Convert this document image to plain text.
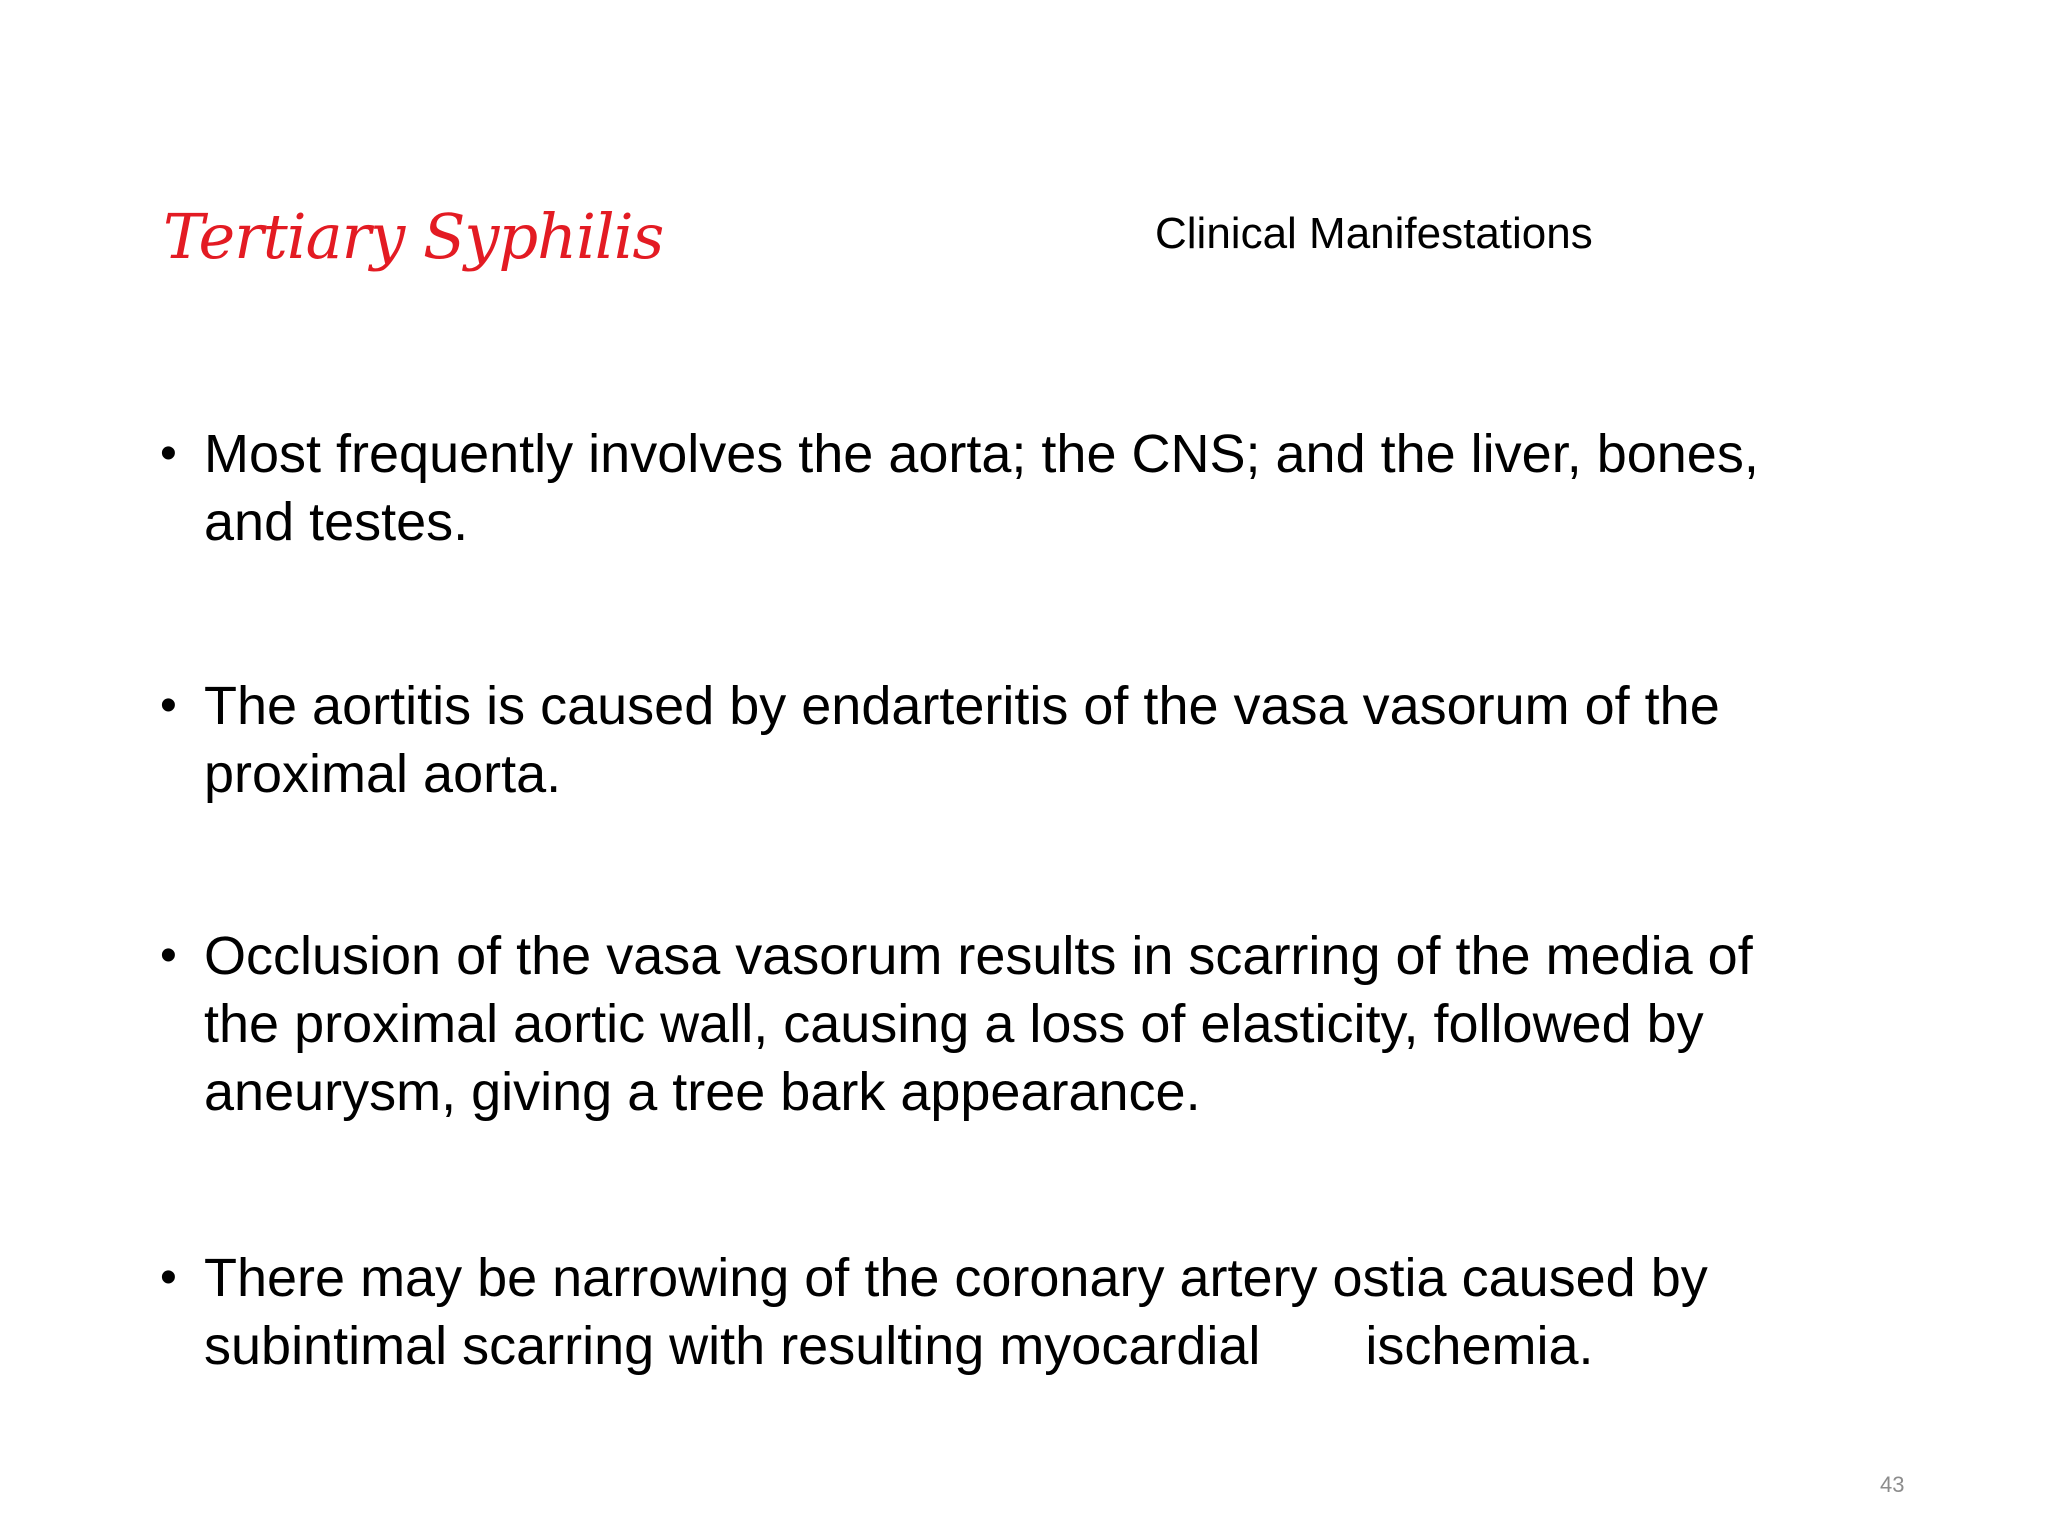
Tertiary Syphilis	Clinical Manifestations
• Most frequently involves the aorta; the CNS; and the liver, bones,
and testes.
• The aortitis is caused by endarteritis of the vasa vasorum of the
proximal aorta.
• Occlusion of the vasa vasorum results in scarring of the media of
the proximal aortic wall, causing a loss of elasticity, followed by
aneurysm, giving a tree bark appearance.
• There may be narrowing of the coronary artery ostia caused by
subintimal scarring with resulting myocardial       ischemia.
43
